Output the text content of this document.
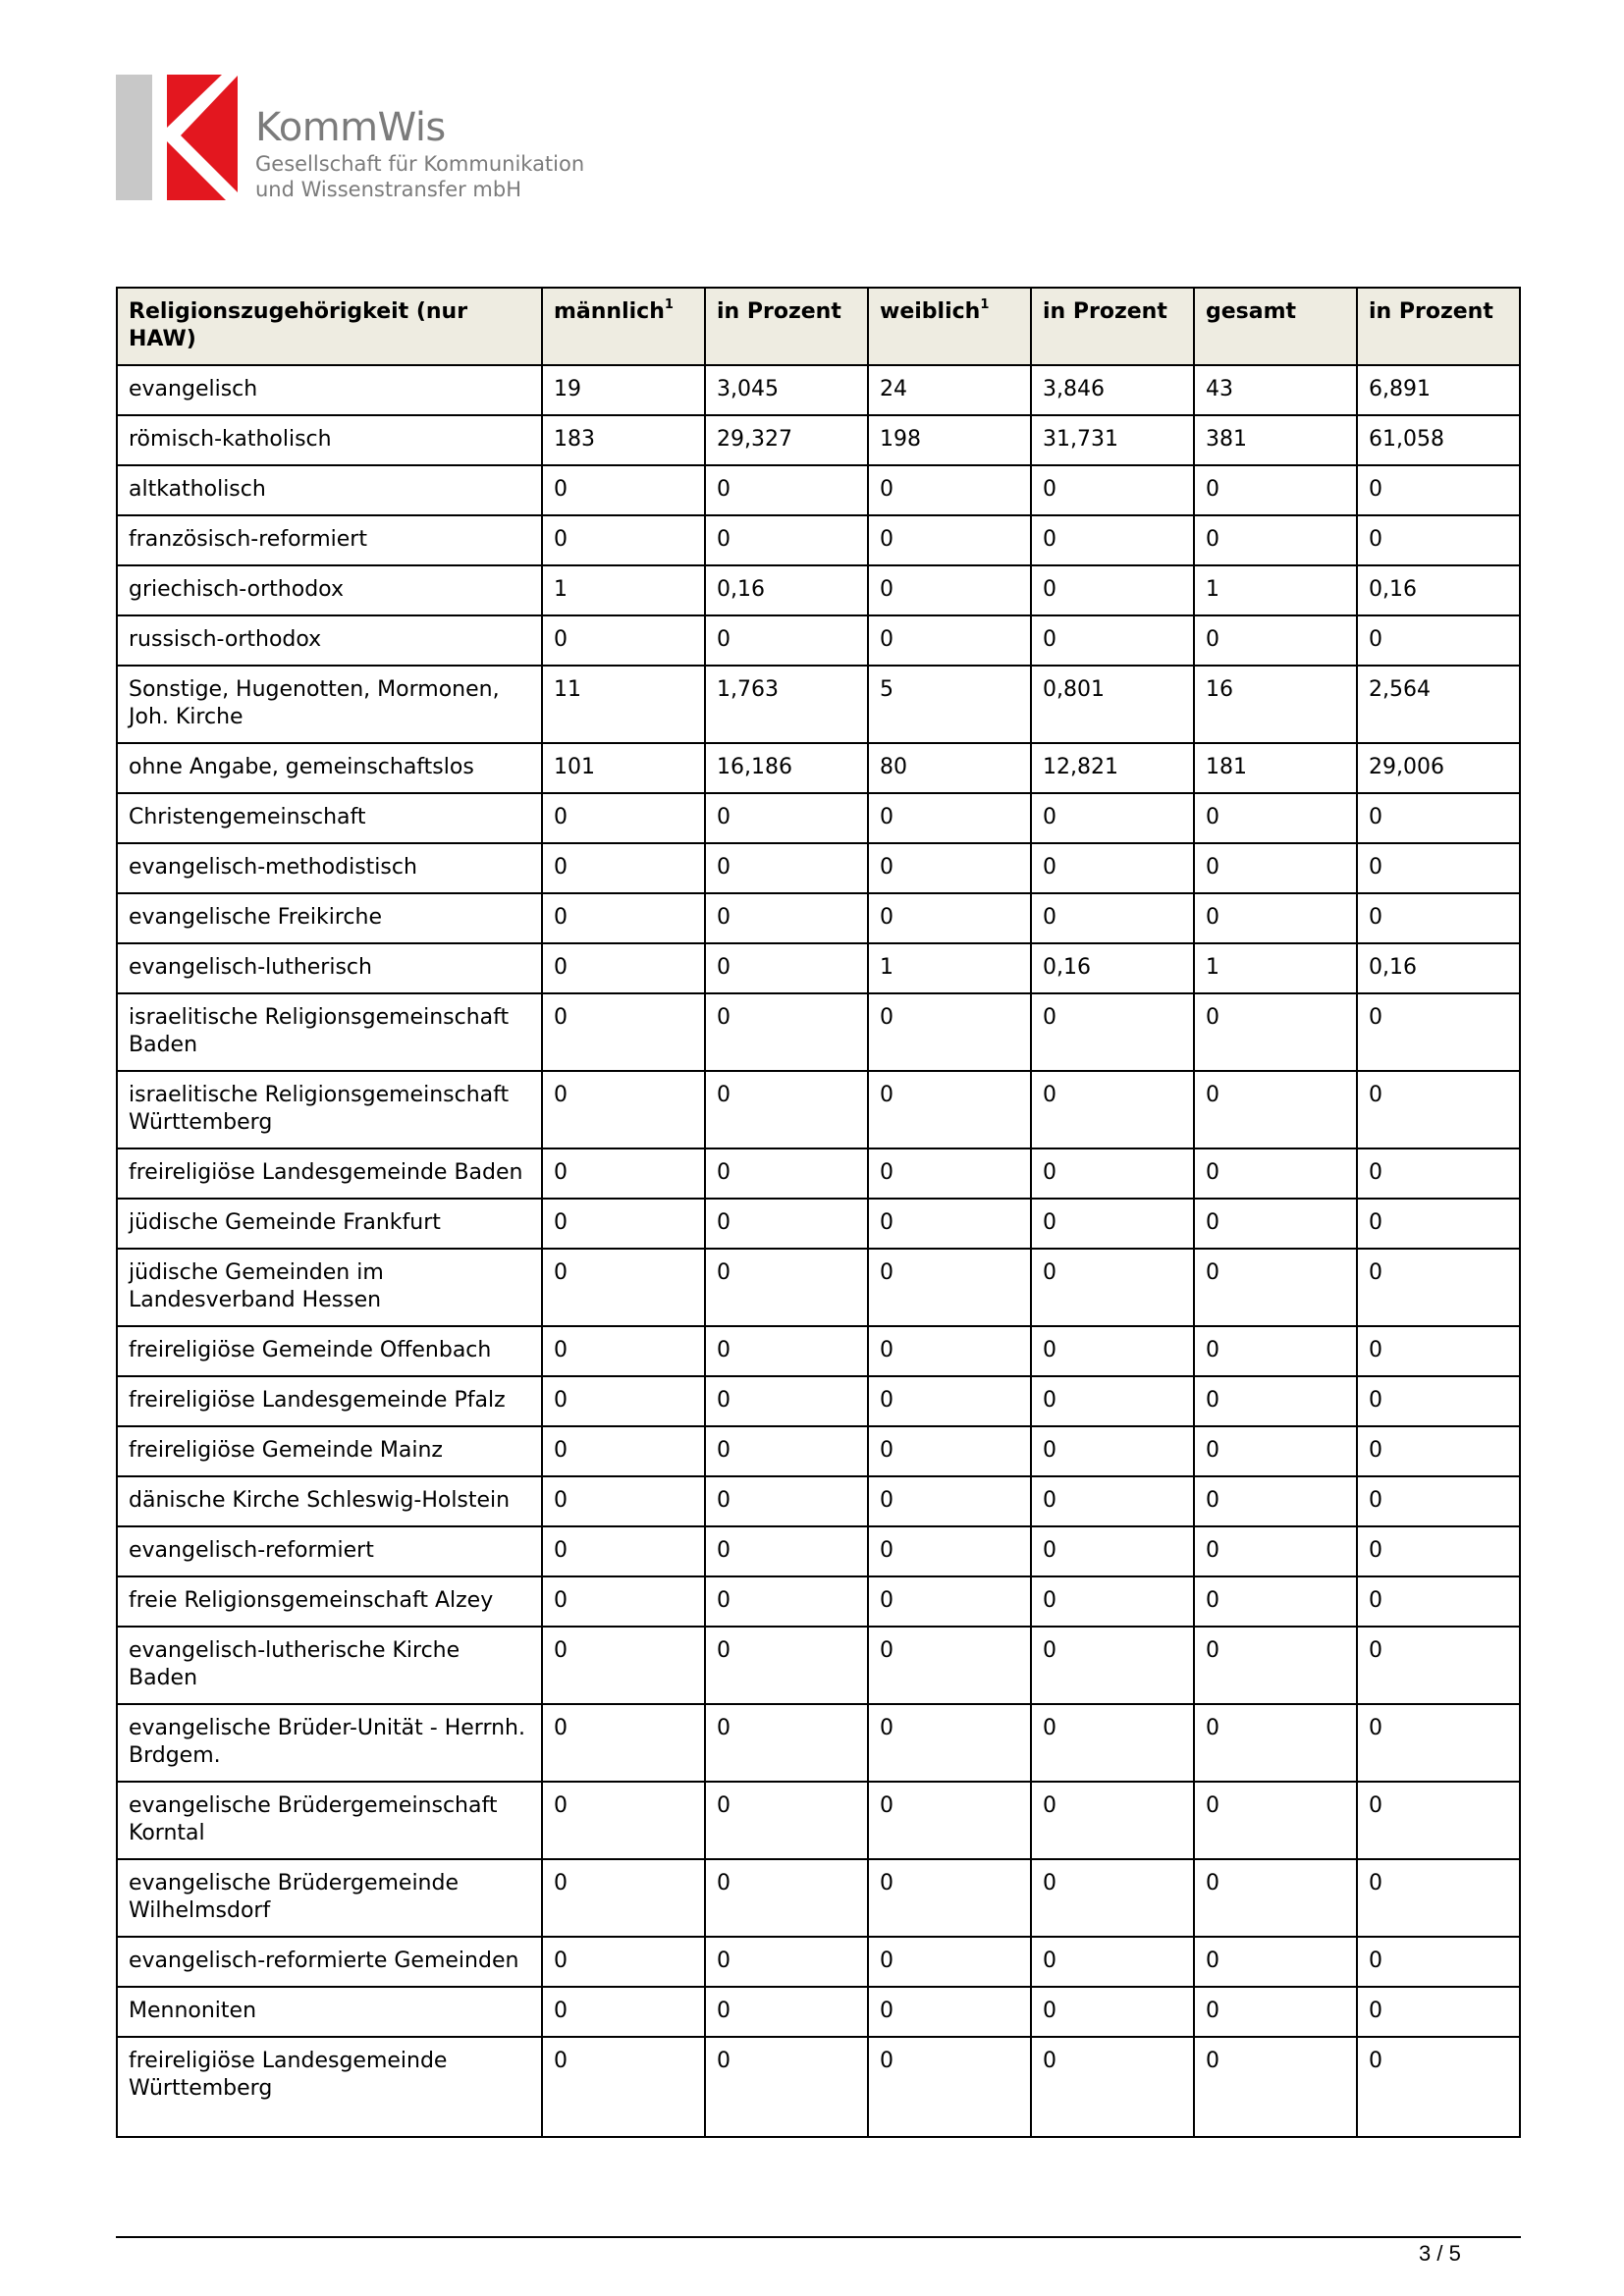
KommWis
Gesellschaft für Kommunikation
und Wissenstransfer mbH
Religionszugehörigkeit (nur HAW)	männlich$^1$	in Prozent	weiblich$^1$	in Prozent	gesamt	in Prozent
evangelisch	19	3,045	24	3,846	43	6,891
römisch-katholisch	183	29,327	198	31,731	381	61,058
altkatholisch	0	0	0	0	0	0
französisch-reformiert	0	0	0	0	0	0
griechisch-orthodox	1	0,16	0	0	1	0,16
russisch-orthodox	0	0	0	0	0	0
Sonstige, Hugenotten, Mormonen, Joh. Kirche	11	1,763	5	0,801	16	2,564
ohne Angabe, gemeinschaftslos	101	16,186	80	12,821	181	29,006
Christengemeinschaft	0	0	0	0	0	0
evangelisch-methodistisch	0	0	0	0	0	0
evangelische Freikirche	0	0	0	0	0	0
evangelisch-lutherisch	0	0	1	0,16	1	0,16
israelitische Religionsgemeinschaft Baden	0	0	0	0	0	0
israelitische Religionsgemeinschaft Württemberg	0	0	0	0	0	0
freireligiöse Landesgemeinde Baden	0	0	0	0	0	0
jüdische Gemeinde Frankfurt	0	0	0	0	0	0
jüdische Gemeinden im Landesverband Hessen	0	0	0	0	0	0
freireligiöse Gemeinde Offenbach	0	0	0	0	0	0
freireligiöse Landesgemeinde Pfalz	0	0	0	0	0	0
freireligiöse Gemeinde Mainz	0	0	0	0	0	0
dänische Kirche Schleswig-Holstein	0	0	0	0	0	0
evangelisch-reformiert	0	0	0	0	0	0
freie Religionsgemeinschaft Alzey	0	0	0	0	0	0
evangelisch-lutherische Kirche Baden	0	0	0	0	0	0
evangelische Brüder-Unität - Herrnh. Brdgem.	0	0	0	0	0	0
evangelische Brüdergemeinschaft Korntal	0	0	0	0	0	0
evangelische Brüdergemeinde Wilhelmsdorf	0	0	0	0	0	0
evangelisch-reformierte Gemeinden	0	0	0	0	0	0
Mennoniten	0	0	0	0	0	0
freireligiöse Landesgemeinde Württemberg	0	0	0	0	0	0
3 / 5
